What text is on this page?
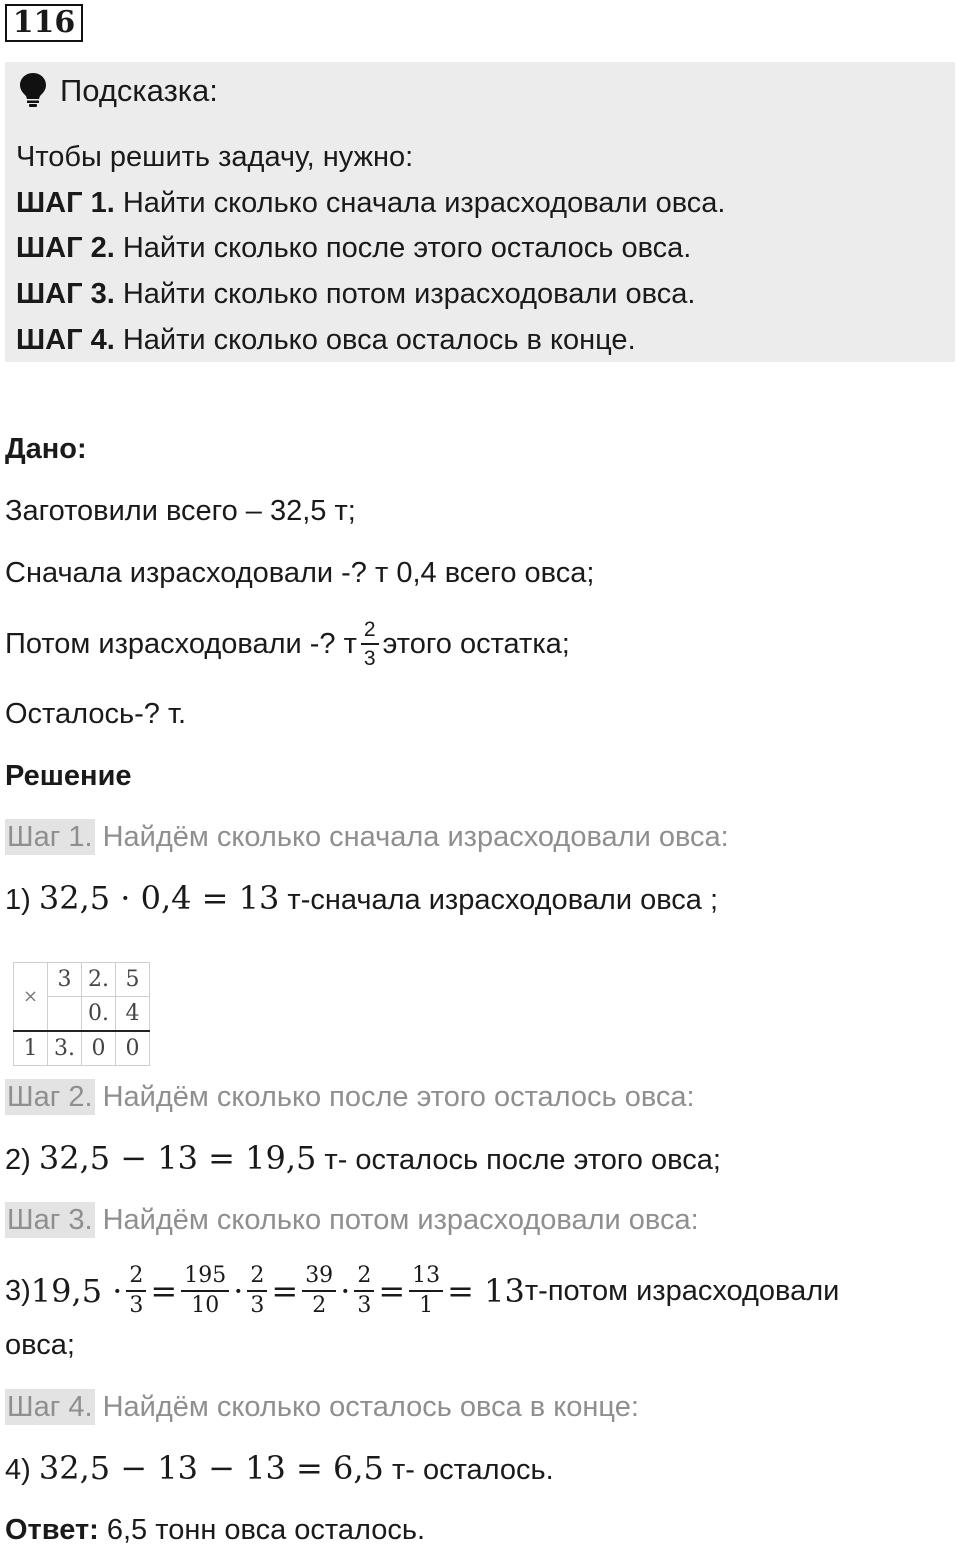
116
Подсказка:
Чтобы решить задачу, нужно:
ШАГ 1. Найти сколько сначала израсходовали овса.
ШАГ 2. Найти сколько после этого осталось овса.
ШАГ 3. Найти сколько потом израсходовали овса.
ШАГ 4. Найти сколько овса осталось в конце.
Дано:
Заготовили всего – 32,5 т;
Сначала израсходовали -? т 0,4 всего овса;
Потом израсходовали -? т $\frac{2}{3}$ этого остатка;
Осталось-? т.
Решение
Шаг 1. Найдём сколько сначала израсходовали овса:
1) 32,5 · 0,4 = 13 т-сначала израсходовали овса ;
×	3	2.	5
		0.	4
1	3.	0	0
Шаг 2. Найдём сколько после этого осталось овса:
2) 32,5 − 13 = 19,5 т- осталось после этого овса;
Шаг 3. Найдём сколько потом израсходовали овса:
3) $19,5 \cdot \frac{2}{3} = \frac{195}{10} \cdot \frac{2}{3} = \frac{39}{2} \cdot \frac{2}{3} = \frac{13}{1} = 13$ т-потом израсходовали
овса;
Шаг 4. Найдём сколько осталось овса в конце:
4) 32,5 − 13 − 13 = 6,5 т- осталось.
Ответ: 6,5 тонн овса осталось.
